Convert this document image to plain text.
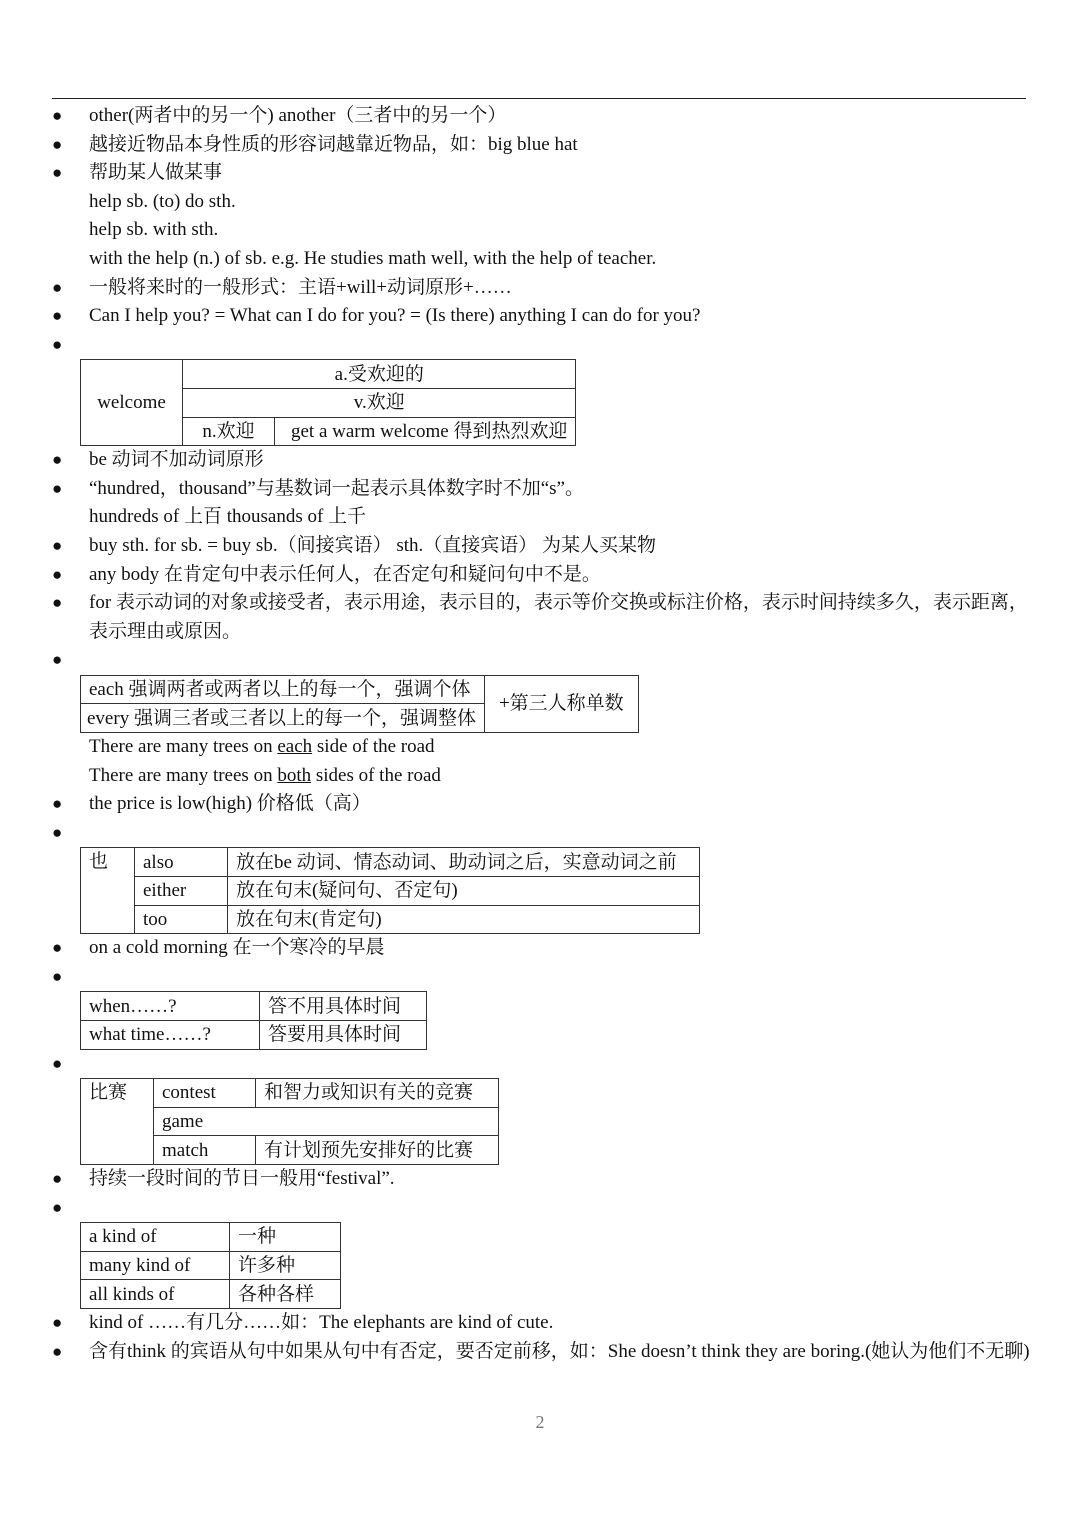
● other(两者中的另一个) another（三者中的另一个）
● 越接近物品本身性质的形容词越靠近物品，如：big blue hat
● 帮助某人做某事
help sb. (to) do sth.
help sb. with sth.
with the help (n.) of sb. e.g. He studies math well, with the help of teacher.
● 一般将来时的一般形式：主语+will+动词原形+……
● Can I help you? = What can I do for you? = (Is there) anything I can do for you?
●
welcome	a.受欢迎的	
	v.欢迎	
	n.欢迎	get a warm welcome 得到热烈欢迎
● be 动词不加动词原形
● “hundred，thousand”与基数词一起表示具体数字时不加“s”。
hundreds of 上百 thousands of 上千
● buy sth. for sb. = buy sb.（间接宾语） sth.（直接宾语） 为某人买某物
● any body 在肯定句中表示任何人，在否定句和疑问句中不是。
● for 表示动词的对象或接受者，表示用途，表示目的，表示等价交换或标注价格，表示时间持续多久，表示距离，表示理由或原因。
●
each 强调两者或两者以上的每一个，强调个体	+第三人称单数
every 强调三者或三者以上的每一个，强调整体
There are many trees on each side of the road
There are many trees on both sides of the road
● the price is low(high) 价格低（高）
●
也	also	放在be 动词、情态动词、助动词之后，实意动词之前
	either	放在句末(疑问句、否定句)
	too	放在句末(肯定句)
● on a cold morning 在一个寒冷的早晨
●
when……?	答不用具体时间
what time……?	答要用具体时间
●
比赛	contest	和智力或知识有关的竞赛
	game	
	match	有计划预先安排好的比赛
● 持续一段时间的节日一般用“festival”.
●
a kind of	一种
many kind of	许多种
all kinds of	各种各样
● kind of ……有几分……如：The elephants are kind of cute.
● 含有think 的宾语从句中如果从句中有否定，要否定前移，如：She doesn’t think they are boring.(她认为他们不无聊)
2
